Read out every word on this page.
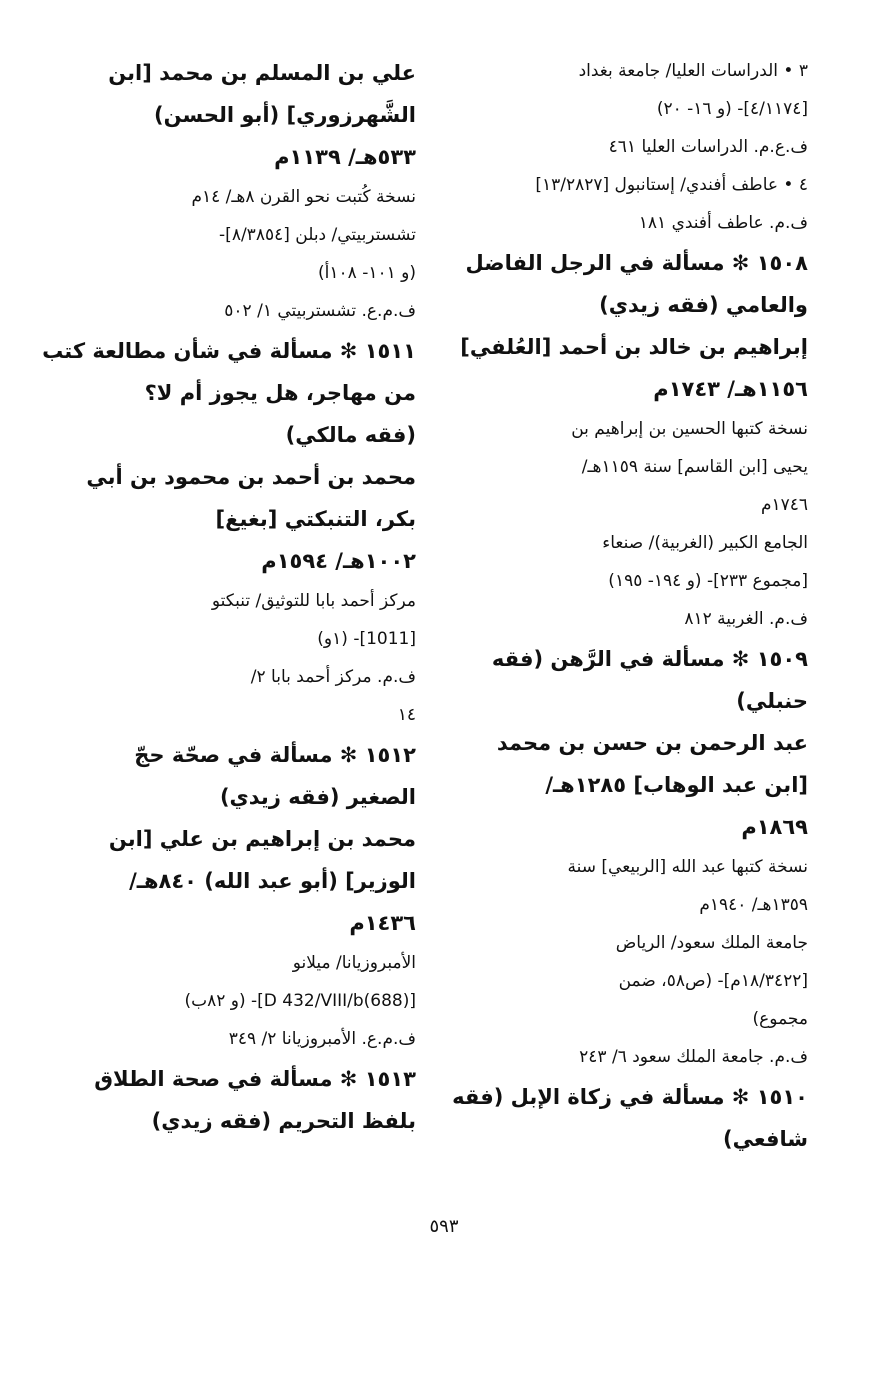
٣ • الدراسات العليا/ جامعة بغداد
[٤/١١٧٤]- (و ١٦- ٢٠)
ف.ع.م. الدراسات العليا ٤٦١
٤ • عاطف أفندي/ إستانبول [١٣/٢٨٢٧]
ف.م. عاطف أفندي ١٨١
١٥٠٨ ✻ مسألة في الرجل الفاضل
والعامي (فقه زيدي)
إبراهيم بن خالد بن أحمد [العُلفي]
١١٥٦هـ/ ١٧٤٣م
نسخة كتبها الحسين بن إبراهيم بن
يحيى [ابن القاسم] سنة ١١٥٩هـ/
١٧٤٦م
الجامع الكبير (الغربية)/ صنعاء
[مجموع ٢٣٣]- (و ١٩٤- ١٩٥)
ف.م. الغربية ٨١٢
١٥٠٩ ✻ مسألة في الرَّهن (فقه
حنبلي)
عبد الرحمن بن حسن بن محمد
[ابن عبد الوهاب] ١٢٨٥هـ/
١٨٦٩م
نسخة كتبها عبد الله [الربيعي] سنة
١٣٥٩هـ/ ١٩٤٠م
جامعة الملك سعود/ الرياض
[١٨/٣٤٢٢م]- (ص٥٨، ضمن
مجموع)
ف.م. جامعة الملك سعود ٦/ ٢٤٣
١٥١٠ ✻ مسألة في زكاة الإبل (فقه
شافعي)
علي بن المسلم بن محمد [ابن
الشَّهرزوري] (أبو الحسن)
٥٣٣هـ/ ١١٣٩م
نسخة كُتبت نحو القرن ٨هـ/ ١٤م
تشستربيتي/ دبلن [٨/٣٨٥٤]-
(و ١٠١- ١٠٨أ)
ف.م.ع. تشستربيتي ١/ ٥٠٢
١٥١١ ✻ مسألة في شأن مطالعة كتب
من مهاجر، هل يجوز أم لا؟
(فقه مالكي)
محمد بن أحمد بن محمود بن أبي
بكر، التنبكتي [بغيغ]
١٠٠٢هـ/ ١٥٩٤م
مركز أحمد بابا للتوثيق/ تنبكتو
[1011]- (١و)
ف.م. مركز أحمد بابا ٢/
١٤
١٥١٢ ✻ مسألة في صحّة حجّ
الصغير (فقه زيدي)
محمد بن إبراهيم بن علي [ابن
الوزير] (أبو عبد الله) ٨٤٠هـ/
١٤٣٦م
الأمبروزيانا/ ميلانو
[(688)D 432/VIII/b]- (و ٨٢ب)
ف.م.ع. الأمبروزيانا ٢/ ٣٤٩
١٥١٣ ✻ مسألة في صحة الطلاق
بلفظ التحريم (فقه زيدي)
٥٩٣
